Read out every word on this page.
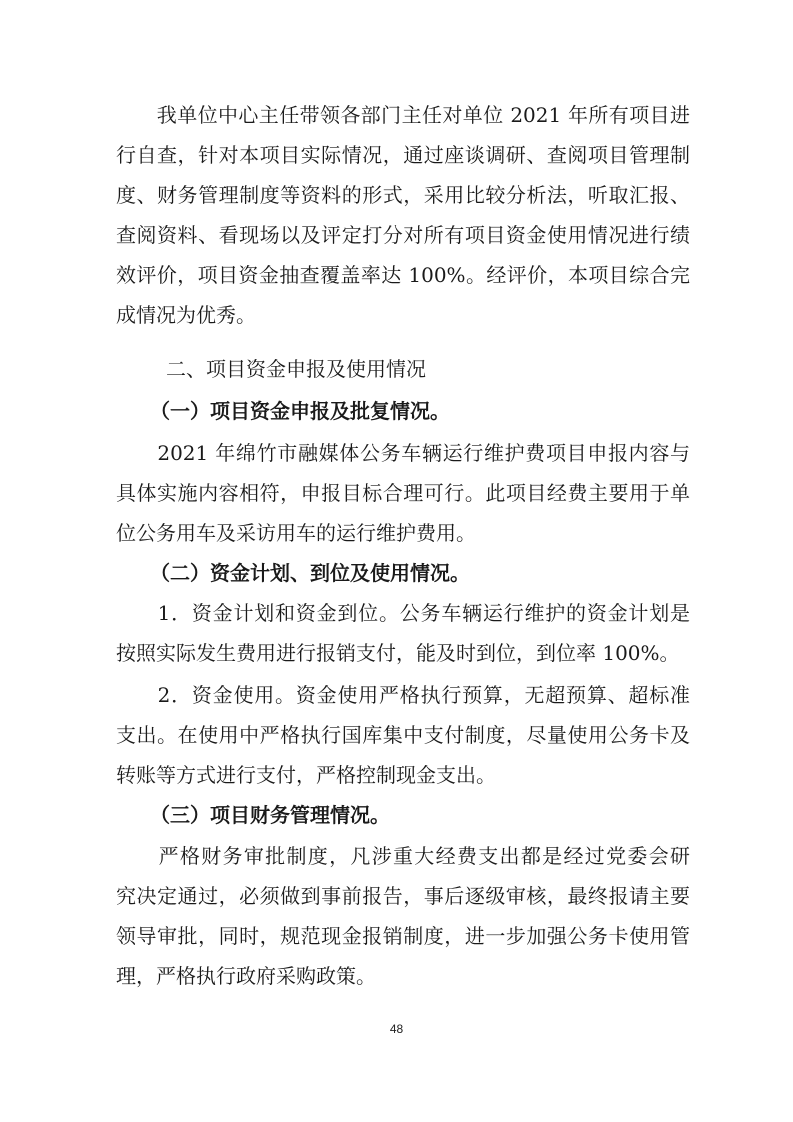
　　我单位中心主任带领各部门主任对单位 2021 年所有项目进
行自查，针对本项目实际情况，通过座谈调研、查阅项目管理制
度、财务管理制度等资料的形式，采用比较分析法，听取汇报、
查阅资料、看现场以及评定打分对所有项目资金使用情况进行绩
效评价，项目资金抽查覆盖率达 100%。经评价，本项目综合完
成情况为优秀。
二、项目资金申报及使用情况
（一）项目资金申报及批复情况。
　　2021 年绵竹市融媒体公务车辆运行维护费项目申报内容与
具体实施内容相符，申报目标合理可行。此项目经费主要用于单
位公务用车及采访用车的运行维护费用。
（二）资金计划、到位及使用情况。
　　1．资金计划和资金到位。公务车辆运行维护的资金计划是
按照实际发生费用进行报销支付，能及时到位，到位率 100%。
　　2．资金使用。资金使用严格执行预算，无超预算、超标准
支出。在使用中严格执行国库集中支付制度，尽量使用公务卡及
转账等方式进行支付，严格控制现金支出。
（三）项目财务管理情况。
　　严格财务审批制度，凡涉重大经费支出都是经过党委会研
究决定通过，必须做到事前报告，事后逐级审核，最终报请主要
领导审批，同时，规范现金报销制度，进一步加强公务卡使用管
理，严格执行政府采购政策。
48
